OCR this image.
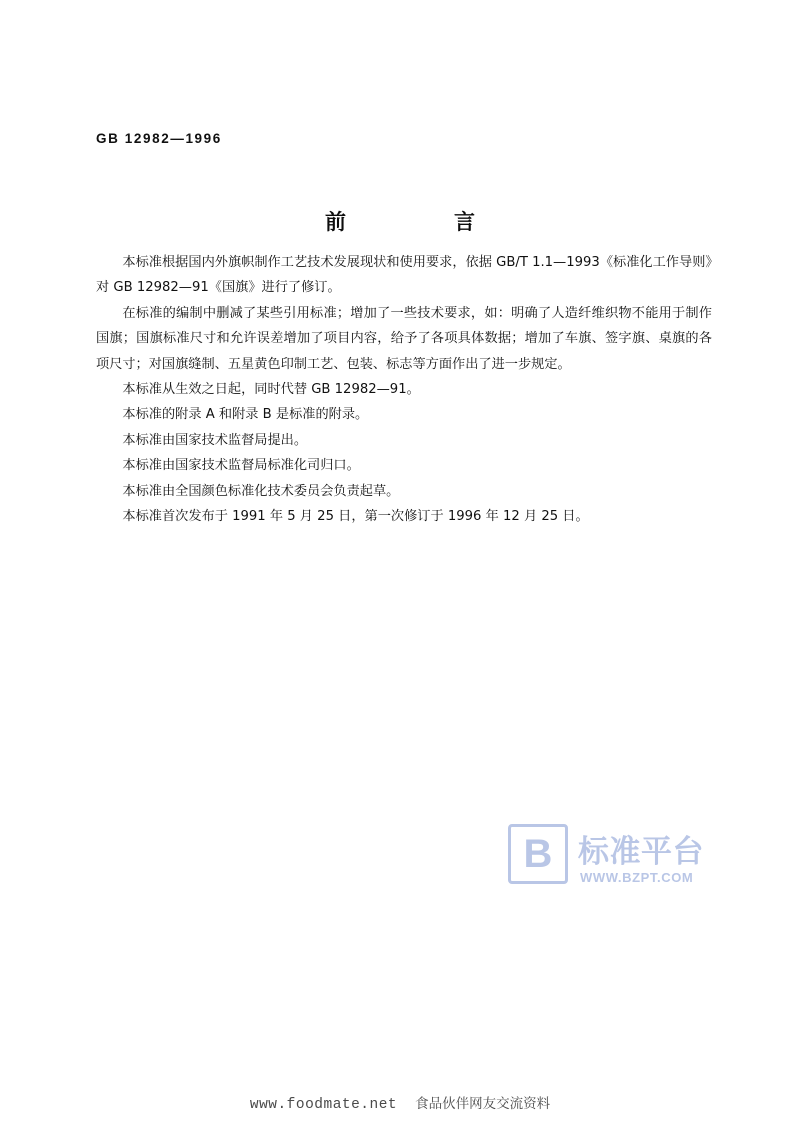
GB 12982—1996
前　　言

本标准根据国内外旗帜制作工艺技术发展现状和使用要求，依据 GB/T 1.1—1993《标准化工作导则》对 GB 12982—91《国旗》进行了修订。

在标准的编制中删减了某些引用标准；增加了一些技术要求，如：明确了人造纤维织物不能用于制作国旗；国旗标准尺寸和允许误差增加了项目内容，给予了各项具体数据；增加了车旗、签字旗、桌旗的各项尺寸；对国旗缝制、五星黄色印制工艺、包装、标志等方面作出了进一步规定。

本标准从生效之日起，同时代替 GB 12982—91。

本标准的附录 A 和附录 B 是标准的附录。

本标准由国家技术监督局提出。

本标准由国家技术监督局标准化司归口。

本标准由全国颜色标准化技术委员会负责起草。

本标准首次发布于 1991 年 5 月 25 日，第一次修订于 1996 年 12 月 25 日。

B 标准平台
WWW.BZPT.COM
www.foodmate.net 食品伙伴网友交流资料
